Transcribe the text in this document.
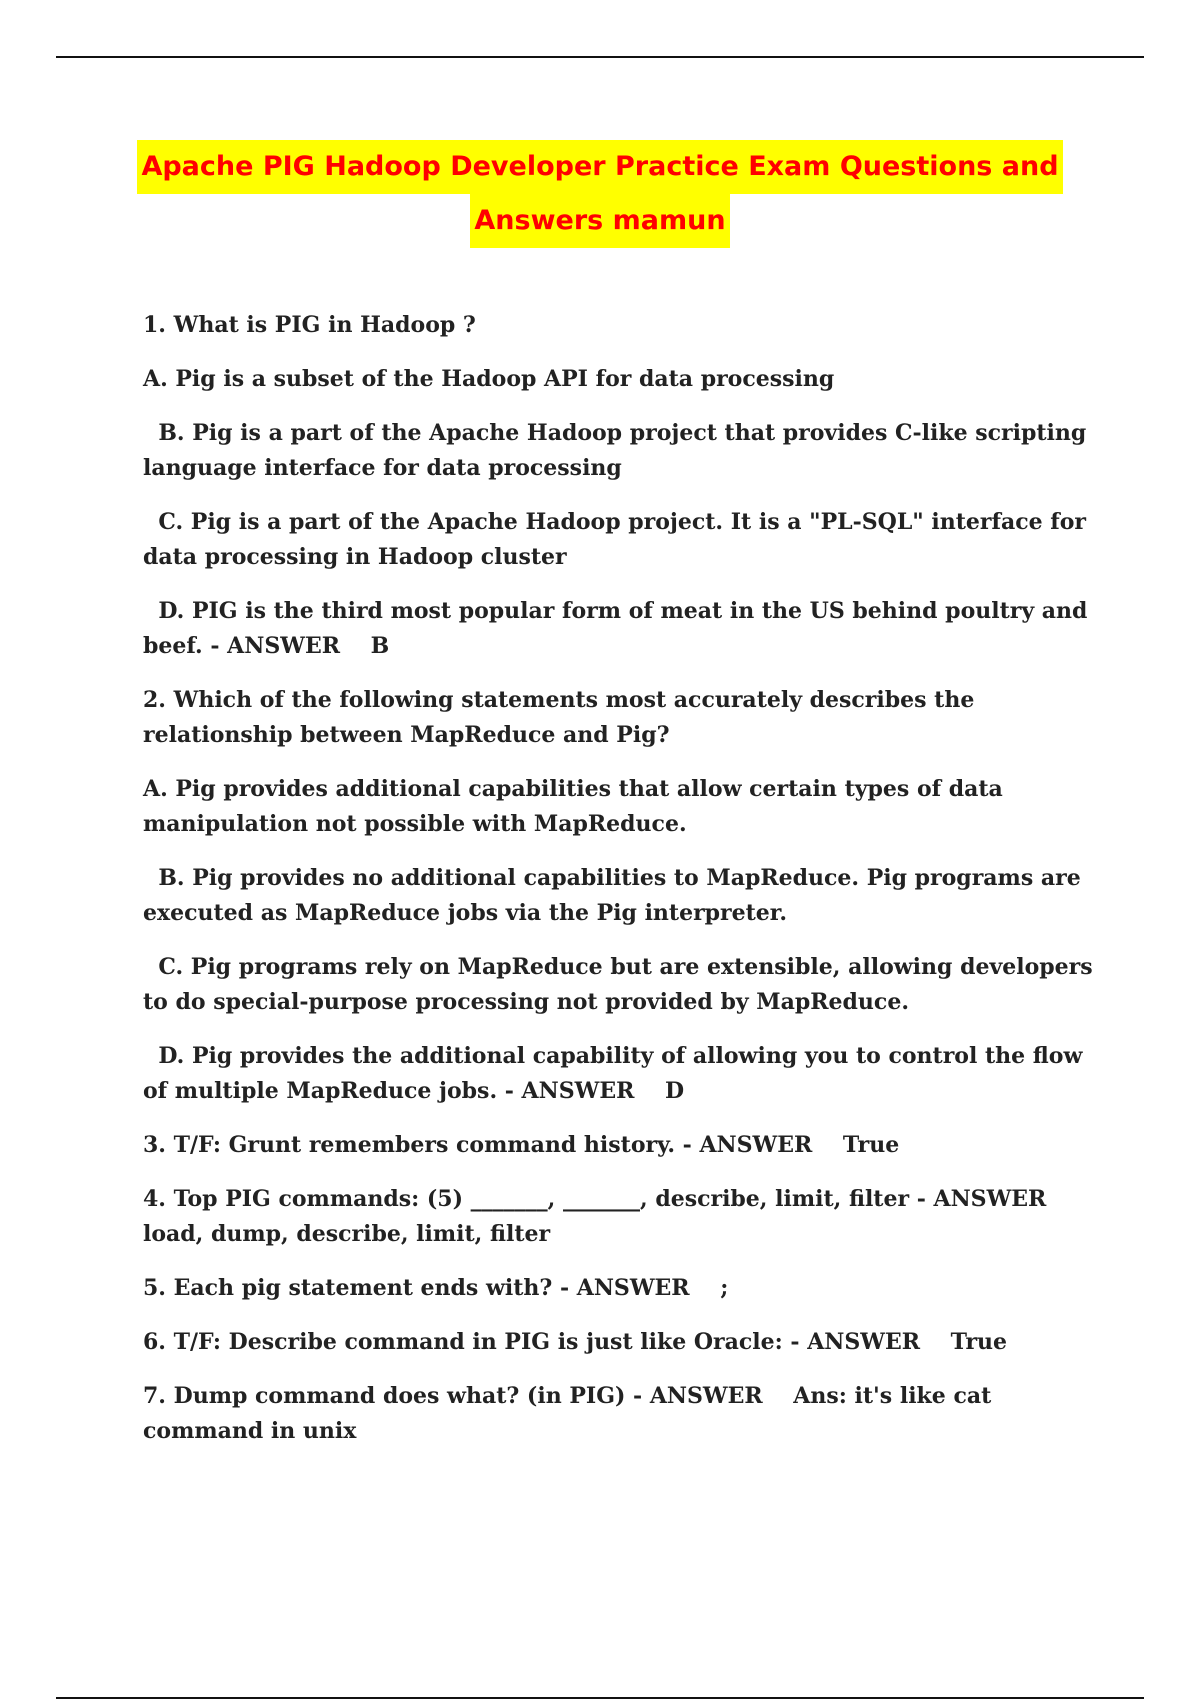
Apache PIG Hadoop Developer Practice Exam Questions and
Answers mamun

1. What is PIG in Hadoop ?

A. Pig is a subset of the Hadoop API for data processing

B. Pig is a part of the Apache Hadoop project that provides C-like scripting language interface for data processing

C. Pig is a part of the Apache Hadoop project. It is a "PL-SQL" interface for data processing in Hadoop cluster

D. PIG is the third most popular form of meat in the US behind poultry and beef. - ANSWER    B

2. Which of the following statements most accurately describes the relationship between MapReduce and Pig?

A. Pig provides additional capabilities that allow certain types of data manipulation not possible with MapReduce.

B. Pig provides no additional capabilities to MapReduce. Pig programs are executed as MapReduce jobs via the Pig interpreter.

C. Pig programs rely on MapReduce but are extensible, allowing developers to do special-purpose processing not provided by MapReduce.

D. Pig provides the additional capability of allowing you to control the flow of multiple MapReduce jobs. - ANSWER    D

3. T/F: Grunt remembers command history. - ANSWER    True

4. Top PIG commands: (5) _______, _______, describe, limit, filter - ANSWER    load, dump, describe, limit, filter

5. Each pig statement ends with? - ANSWER    ;

6. T/F: Describe command in PIG is just like Oracle: - ANSWER    True

7. Dump command does what? (in PIG) - ANSWER    Ans: it's like cat command in unix
